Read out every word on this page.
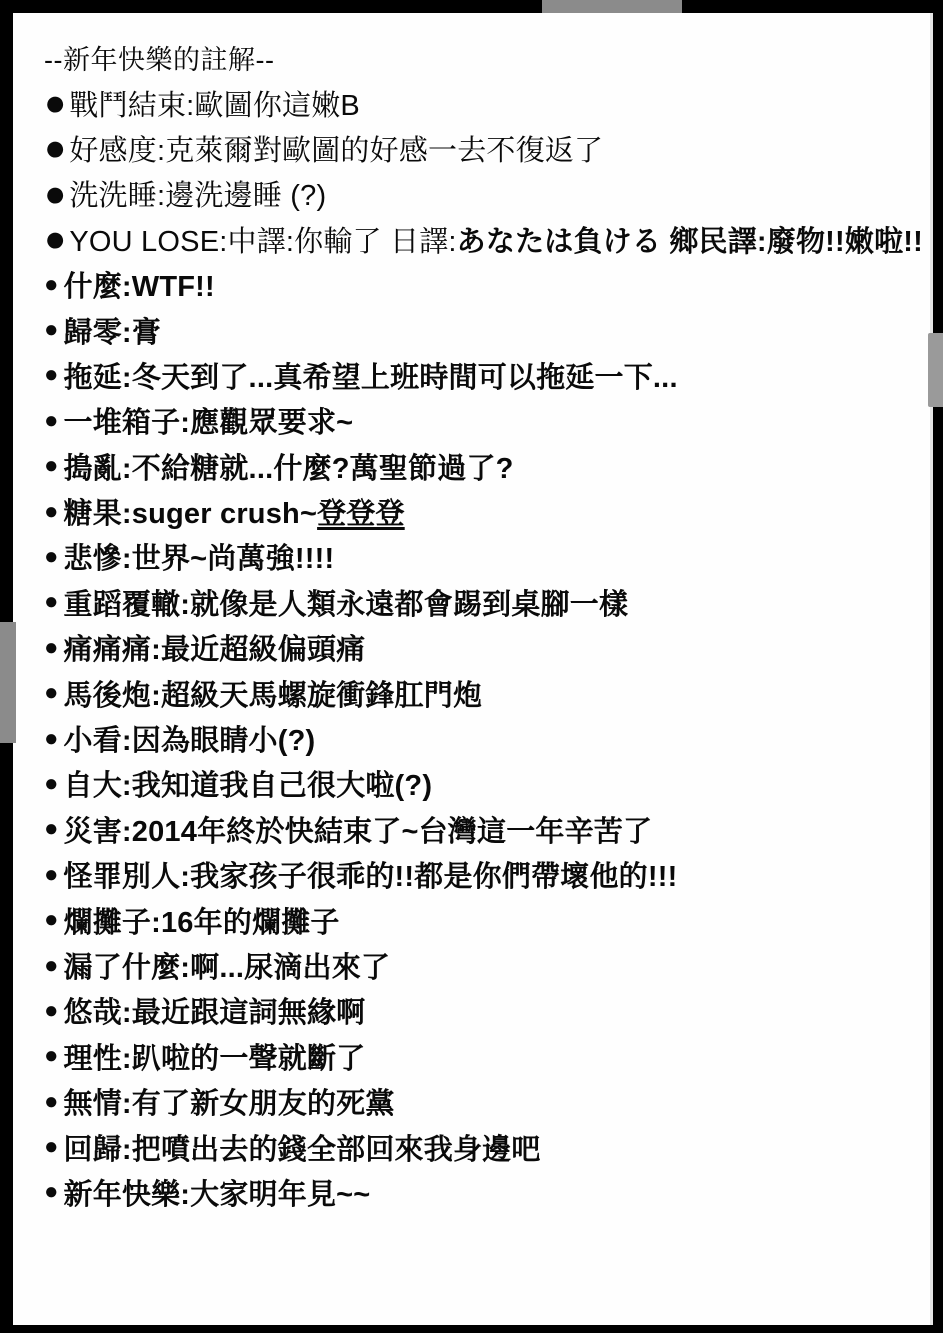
--新年快樂的註解--
● 戰鬥結束:歐圖你這嫩B
● 好感度:克萊爾對歐圖的好感一去不復返了
● 洗洗睡:邊洗邊睡 (?)
● YOU LOSE:中譯:你輸了 日譯: あなたは負ける 鄉民譯:廢物!!嫩啦!!
● 什麼:WTF!!
● 歸零:膏
● 拖延:冬天到了...真希望上班時間可以拖延一下...
● 一堆箱子:應觀眾要求~
● 搗亂:不給糖就...什麼?萬聖節過了?
● 糖果:suger crush~ 登登登
● 悲慘:世界~尚萬強!!!!
● 重蹈覆轍:就像是人類永遠都會踢到桌腳一樣
● 痛痛痛:最近超級偏頭痛
● 馬後炮:超級天馬螺旋衝鋒肛門炮
● 小看:因為眼睛小(?)
● 自大:我知道我自己很大啦(?)
● 災害:2014年終於快結束了~台灣這一年辛苦了
● 怪罪別人:我家孩子很乖的!!都是你們帶壞他的!!!
● 爛攤子:16年的爛攤子
● 漏了什麼:啊...尿滴出來了
● 悠哉:最近跟這詞無緣啊
● 理性:趴啦的一聲就斷了
● 無情:有了新女朋友的死黨
● 回歸:把噴出去的錢全部回來我身邊吧
● 新年快樂:大家明年見~~
